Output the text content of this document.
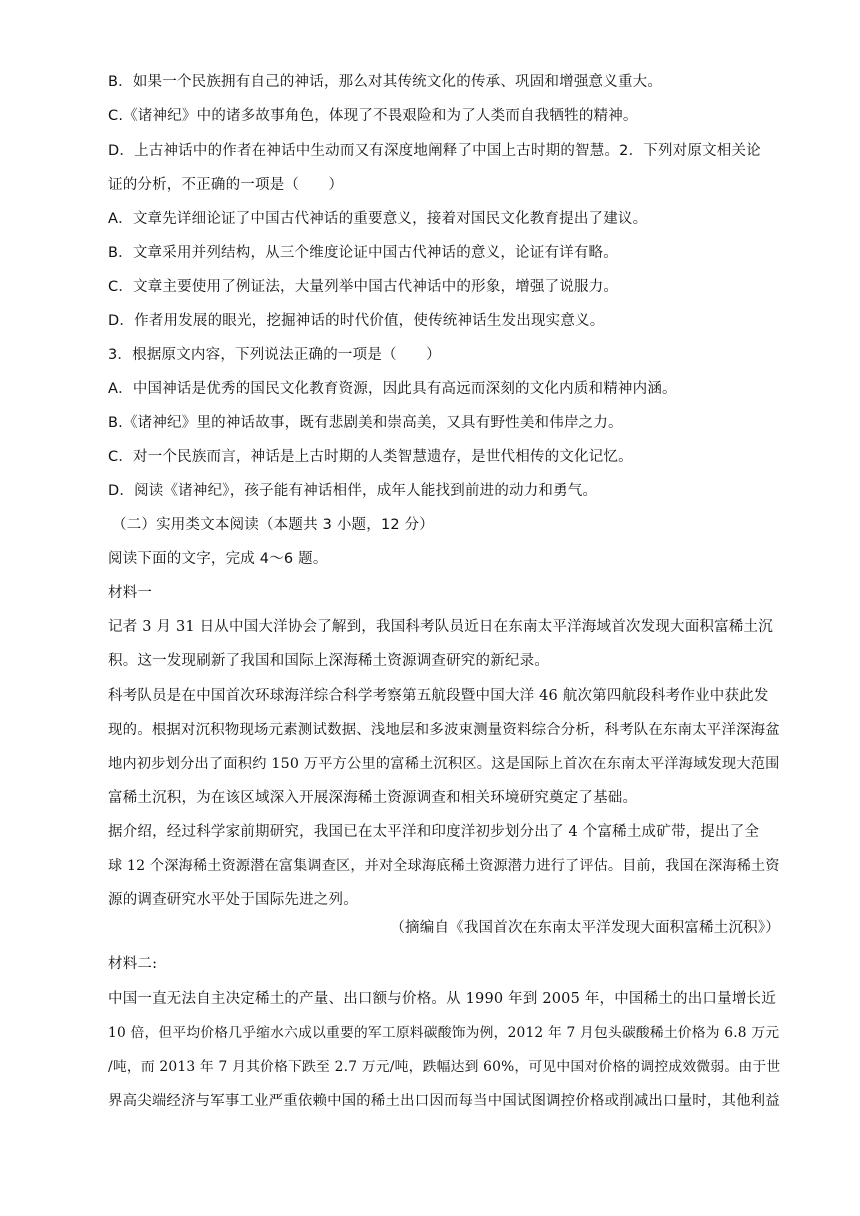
B．如果一个民族拥有自己的神话，那么对其传统文化的传承、巩固和增强意义重大。
C.《诸神纪》中的诸多故事角色，体现了不畏艰险和为了人类而自我牺牲的精神。
D．上古神话中的作者在神话中生动而又有深度地阐释了中国上古时期的智慧。2．下列对原文相关论
证的分析，不正确的一项是（　　）
A．文章先详细论证了中国古代神话的重要意义，接着对国民文化教育提出了建议。
B．文章采用并列结构，从三个维度论证中国古代神话的意义，论证有详有略。
C．文章主要使用了例证法，大量列举中国古代神话中的形象，增强了说服力。
D．作者用发展的眼光，挖掘神话的时代价值，使传统神话生发出现实意义。
3．根据原文内容，下列说法正确的一项是（　　）
A．中国神话是优秀的国民文化教育资源，因此具有高远而深刻的文化内质和精神内涵。
B.《诸神纪》里的神话故事，既有悲剧美和崇高美，又具有野性美和伟岸之力。
C．对一个民族而言，神话是上古时期的人类智慧遗存，是世代相传的文化记忆。
D．阅读《诸神纪》，孩子能有神话相伴，成年人能找到前进的动力和勇气。
（二）实用类文本阅读（本题共 3 小题，12 分）
阅读下面的文字，完成 4～6 题。
材料一
记者 3 月 31 日从中国大洋协会了解到，我国科考队员近日在东南太平洋海域首次发现大面积富稀土沉
积。这一发现刷新了我国和国际上深海稀土资源调查研究的新纪录。
科考队员是在中国首次环球海洋综合科学考察第五航段暨中国大洋 46 航次第四航段科考作业中获此发
现的。根据对沉积物现场元素测试数据、浅地层和多波束测量资料综合分析，科考队在东南太平洋深海盆
地内初步划分出了面积约 150 万平方公里的富稀土沉积区。这是国际上首次在东南太平洋海域发现大范围
富稀土沉积，为在该区域深入开展深海稀土资源调查和相关环境研究奠定了基础。
据介绍，经过科学家前期研究，我国已在太平洋和印度洋初步划分出了 4 个富稀土成矿带，提出了全
球 12 个深海稀土资源潜在富集调查区，并对全球海底稀土资源潜力进行了评估。目前，我国在深海稀土资
源的调查研究水平处于国际先进之列。
（摘编自《我国首次在东南太平洋发现大面积富稀土沉积》）
材料二:
中国一直无法自主决定稀土的产量、出口额与价格。从 1990 年到 2005 年，中国稀土的出口量增长近
10 倍，但平均价格几乎缩水六成以重要的军工原料碳酸饰为例，2012 年 7 月包头碳酸稀土价格为 6.8 万元
/吨，而 2013 年 7 月其价格下跌至 2.7 万元/吨，跌幅达到 60%，可见中国对价格的调控成效微弱。由于世
界高尖端经济与军事工业严重依赖中国的稀土出口因而每当中国试图调控价格或削减出口量时，其他利益
